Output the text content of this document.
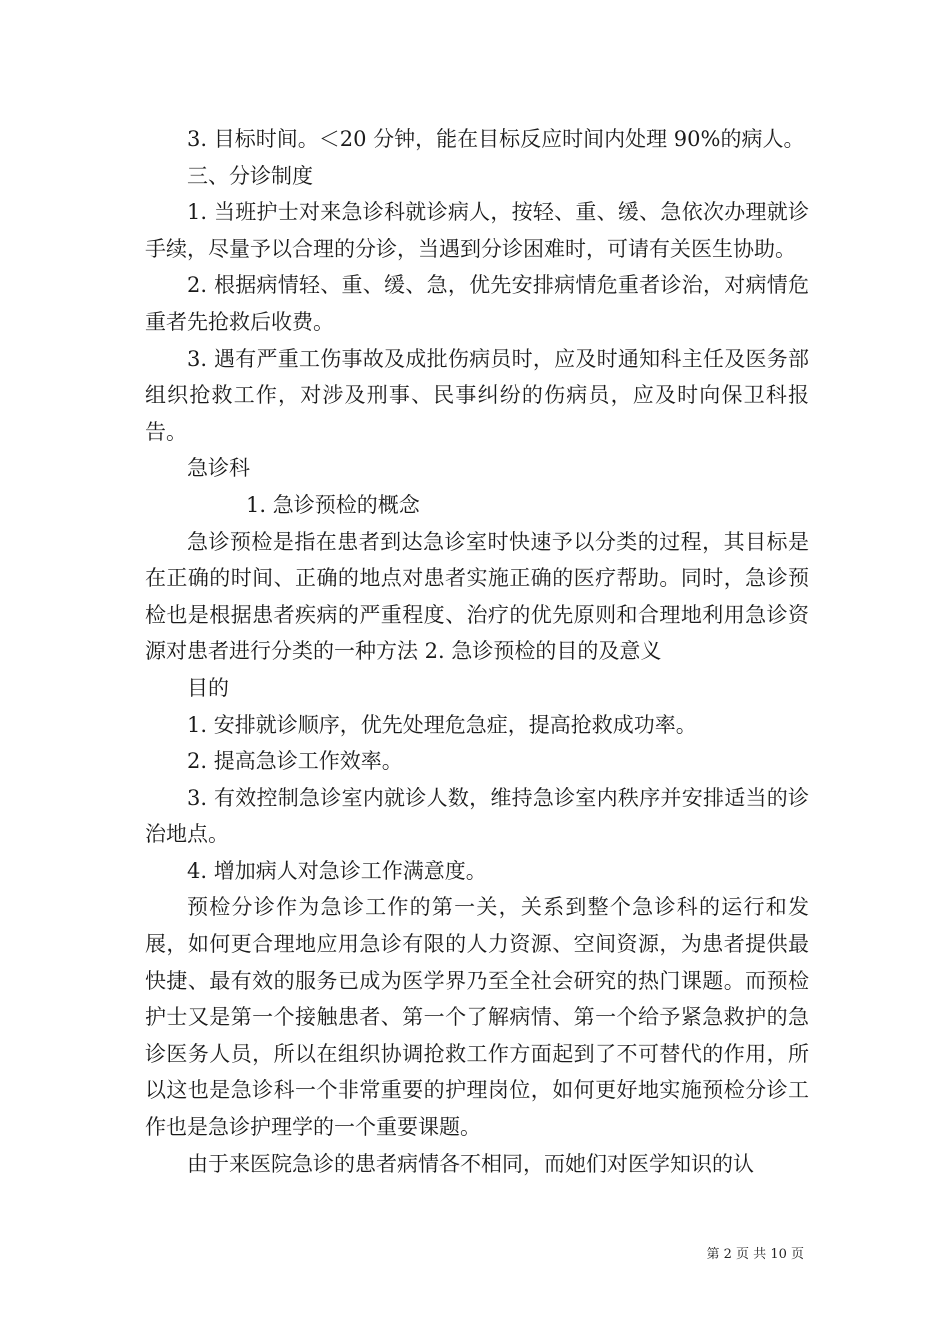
3. 目标时间。＜20 分钟，能在目标反应时间内处理 90%的病人。

三、分诊制度

1. 当班护士对来急诊科就诊病人，按轻、重、缓、急依次办理就诊手续，尽量予以合理的分诊，当遇到分诊困难时，可请有关医生协助。

2. 根据病情轻、重、缓、急，优先安排病情危重者诊治，对病情危重者先抢救后收费。

3. 遇有严重工伤事故及成批伤病员时，应及时通知科主任及医务部组织抢救工作，对涉及刑事、民事纠纷的伤病员，应及时向保卫科报告。

急诊科

1. 急诊预检的概念

急诊预检是指在患者到达急诊室时快速予以分类的过程，其目标是在正确的时间、正确的地点对患者实施正确的医疗帮助。同时，急诊预检也是根据患者疾病的严重程度、治疗的优先原则和合理地利用急诊资源对患者进行分类的一种方法 2. 急诊预检的目的及意义

目的

1. 安排就诊顺序，优先处理危急症，提高抢救成功率。

2. 提高急诊工作效率。

3. 有效控制急诊室内就诊人数，维持急诊室内秩序并安排适当的诊治地点。

4. 增加病人对急诊工作满意度。

预检分诊作为急诊工作的第一关，关系到整个急诊科的运行和发展，如何更合理地应用急诊有限的人力资源、空间资源，为患者提供最快捷、最有效的服务已成为医学界乃至全社会研究的热门课题。而预检护士又是第一个接触患者、第一个了解病情、第一个给予紧急救护的急诊医务人员，所以在组织协调抢救工作方面起到了不可替代的作用，所以这也是急诊科一个非常重要的护理岗位，如何更好地实施预检分诊工作也是急诊护理学的一个重要课题。

由于来医院急诊的患者病情各不相同，而她们对医学知识的认

第 2 页 共 10 页
